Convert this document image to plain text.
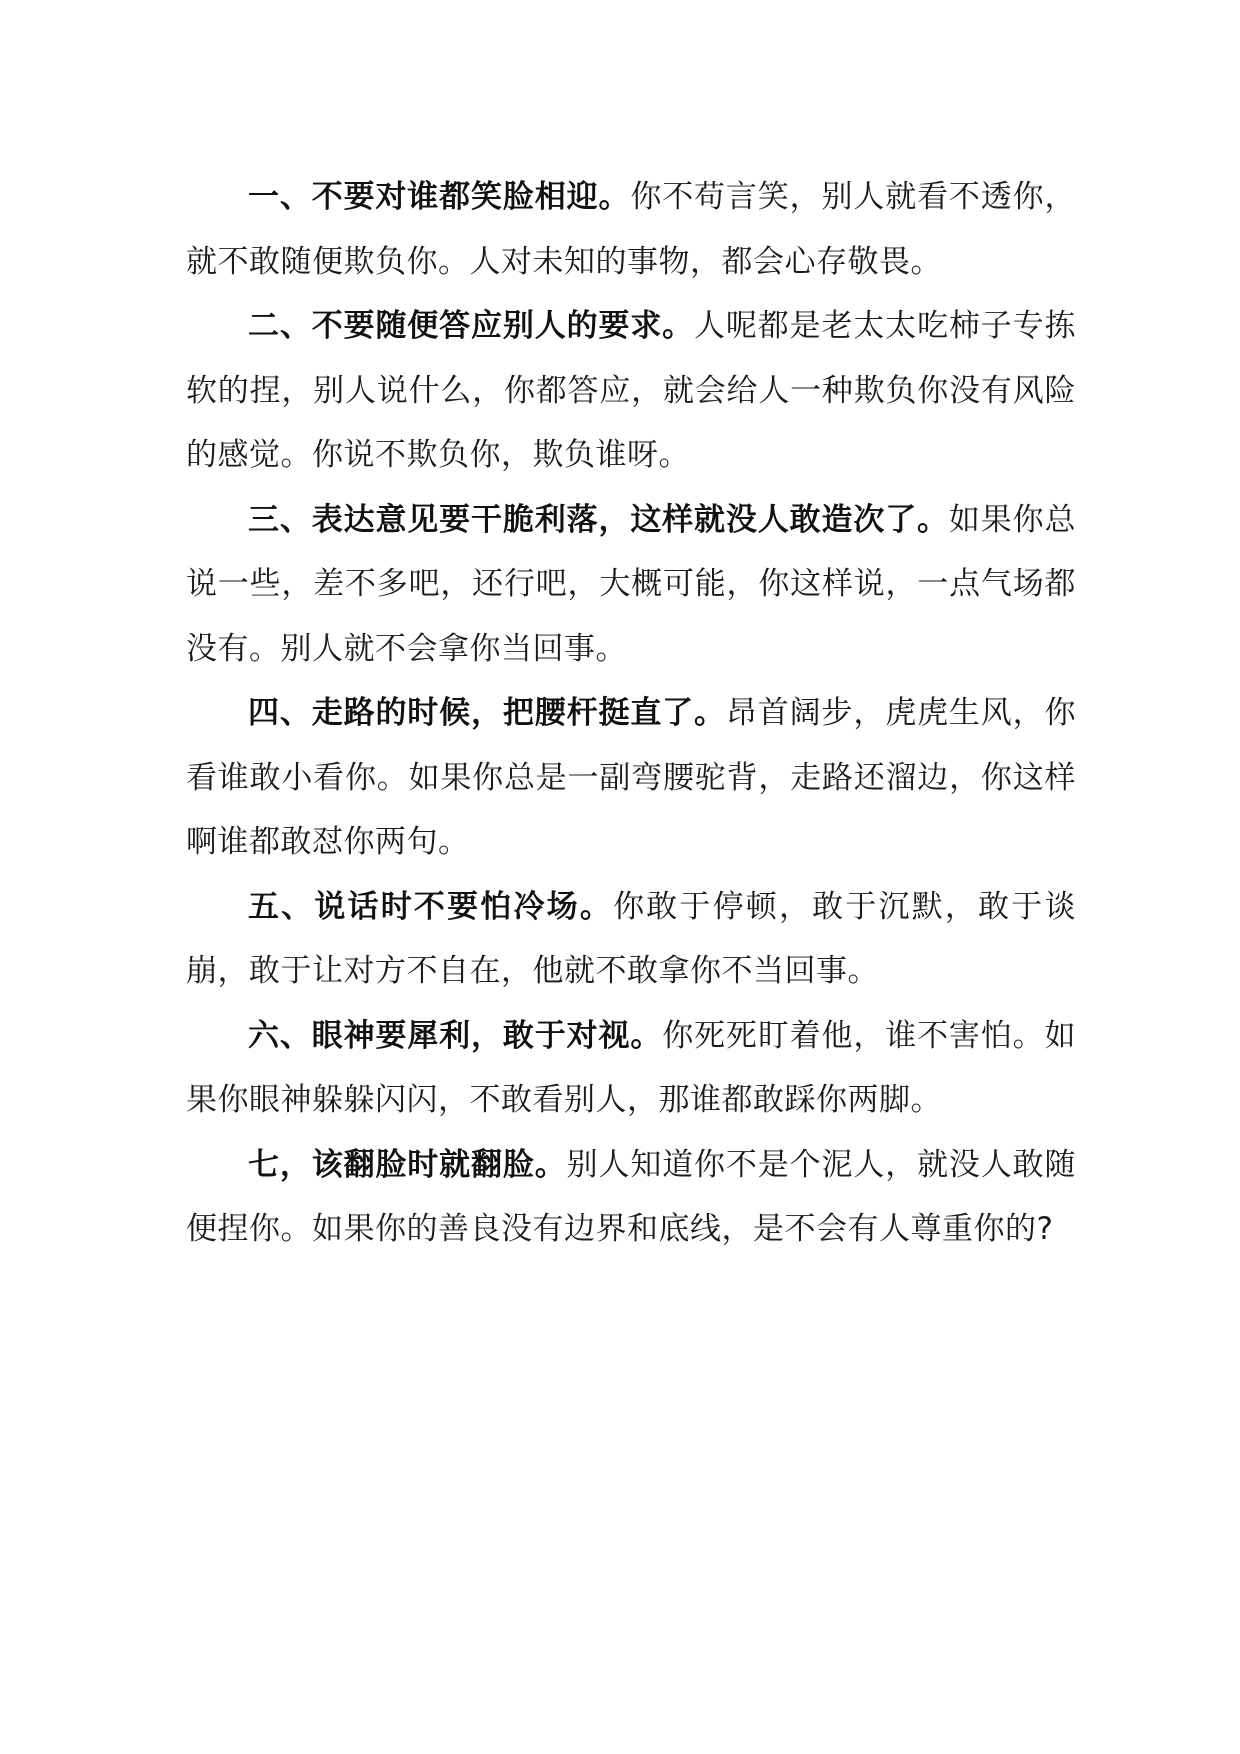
一、不要对谁都笑脸相迎。你不苟言笑，别人就看不透你，就不敢随便欺负你。人对未知的事物，都会心存敬畏。

二、不要随便答应别人的要求。人呢都是老太太吃柿子专拣软的捏，别人说什么，你都答应，就会给人一种欺负你没有风险的感觉。你说不欺负你，欺负谁呀。

三、表达意见要干脆利落，这样就没人敢造次了。如果你总说一些，差不多吧，还行吧，大概可能，你这样说，一点气场都没有。别人就不会拿你当回事。

四、走路的时候，把腰杆挺直了。昂首阔步，虎虎生风，你看谁敢小看你。如果你总是一副弯腰驼背，走路还溜边，你这样啊谁都敢怼你两句。

五、说话时不要怕冷场。你敢于停顿，敢于沉默，敢于谈崩，敢于让对方不自在，他就不敢拿你不当回事。

六、眼神要犀利，敢于对视。你死死盯着他，谁不害怕。如果你眼神躲躲闪闪，不敢看别人，那谁都敢踩你两脚。

七，该翻脸时就翻脸。别人知道你不是个泥人，就没人敢随便捏你。如果你的善良没有边界和底线，是不会有人尊重你的?
